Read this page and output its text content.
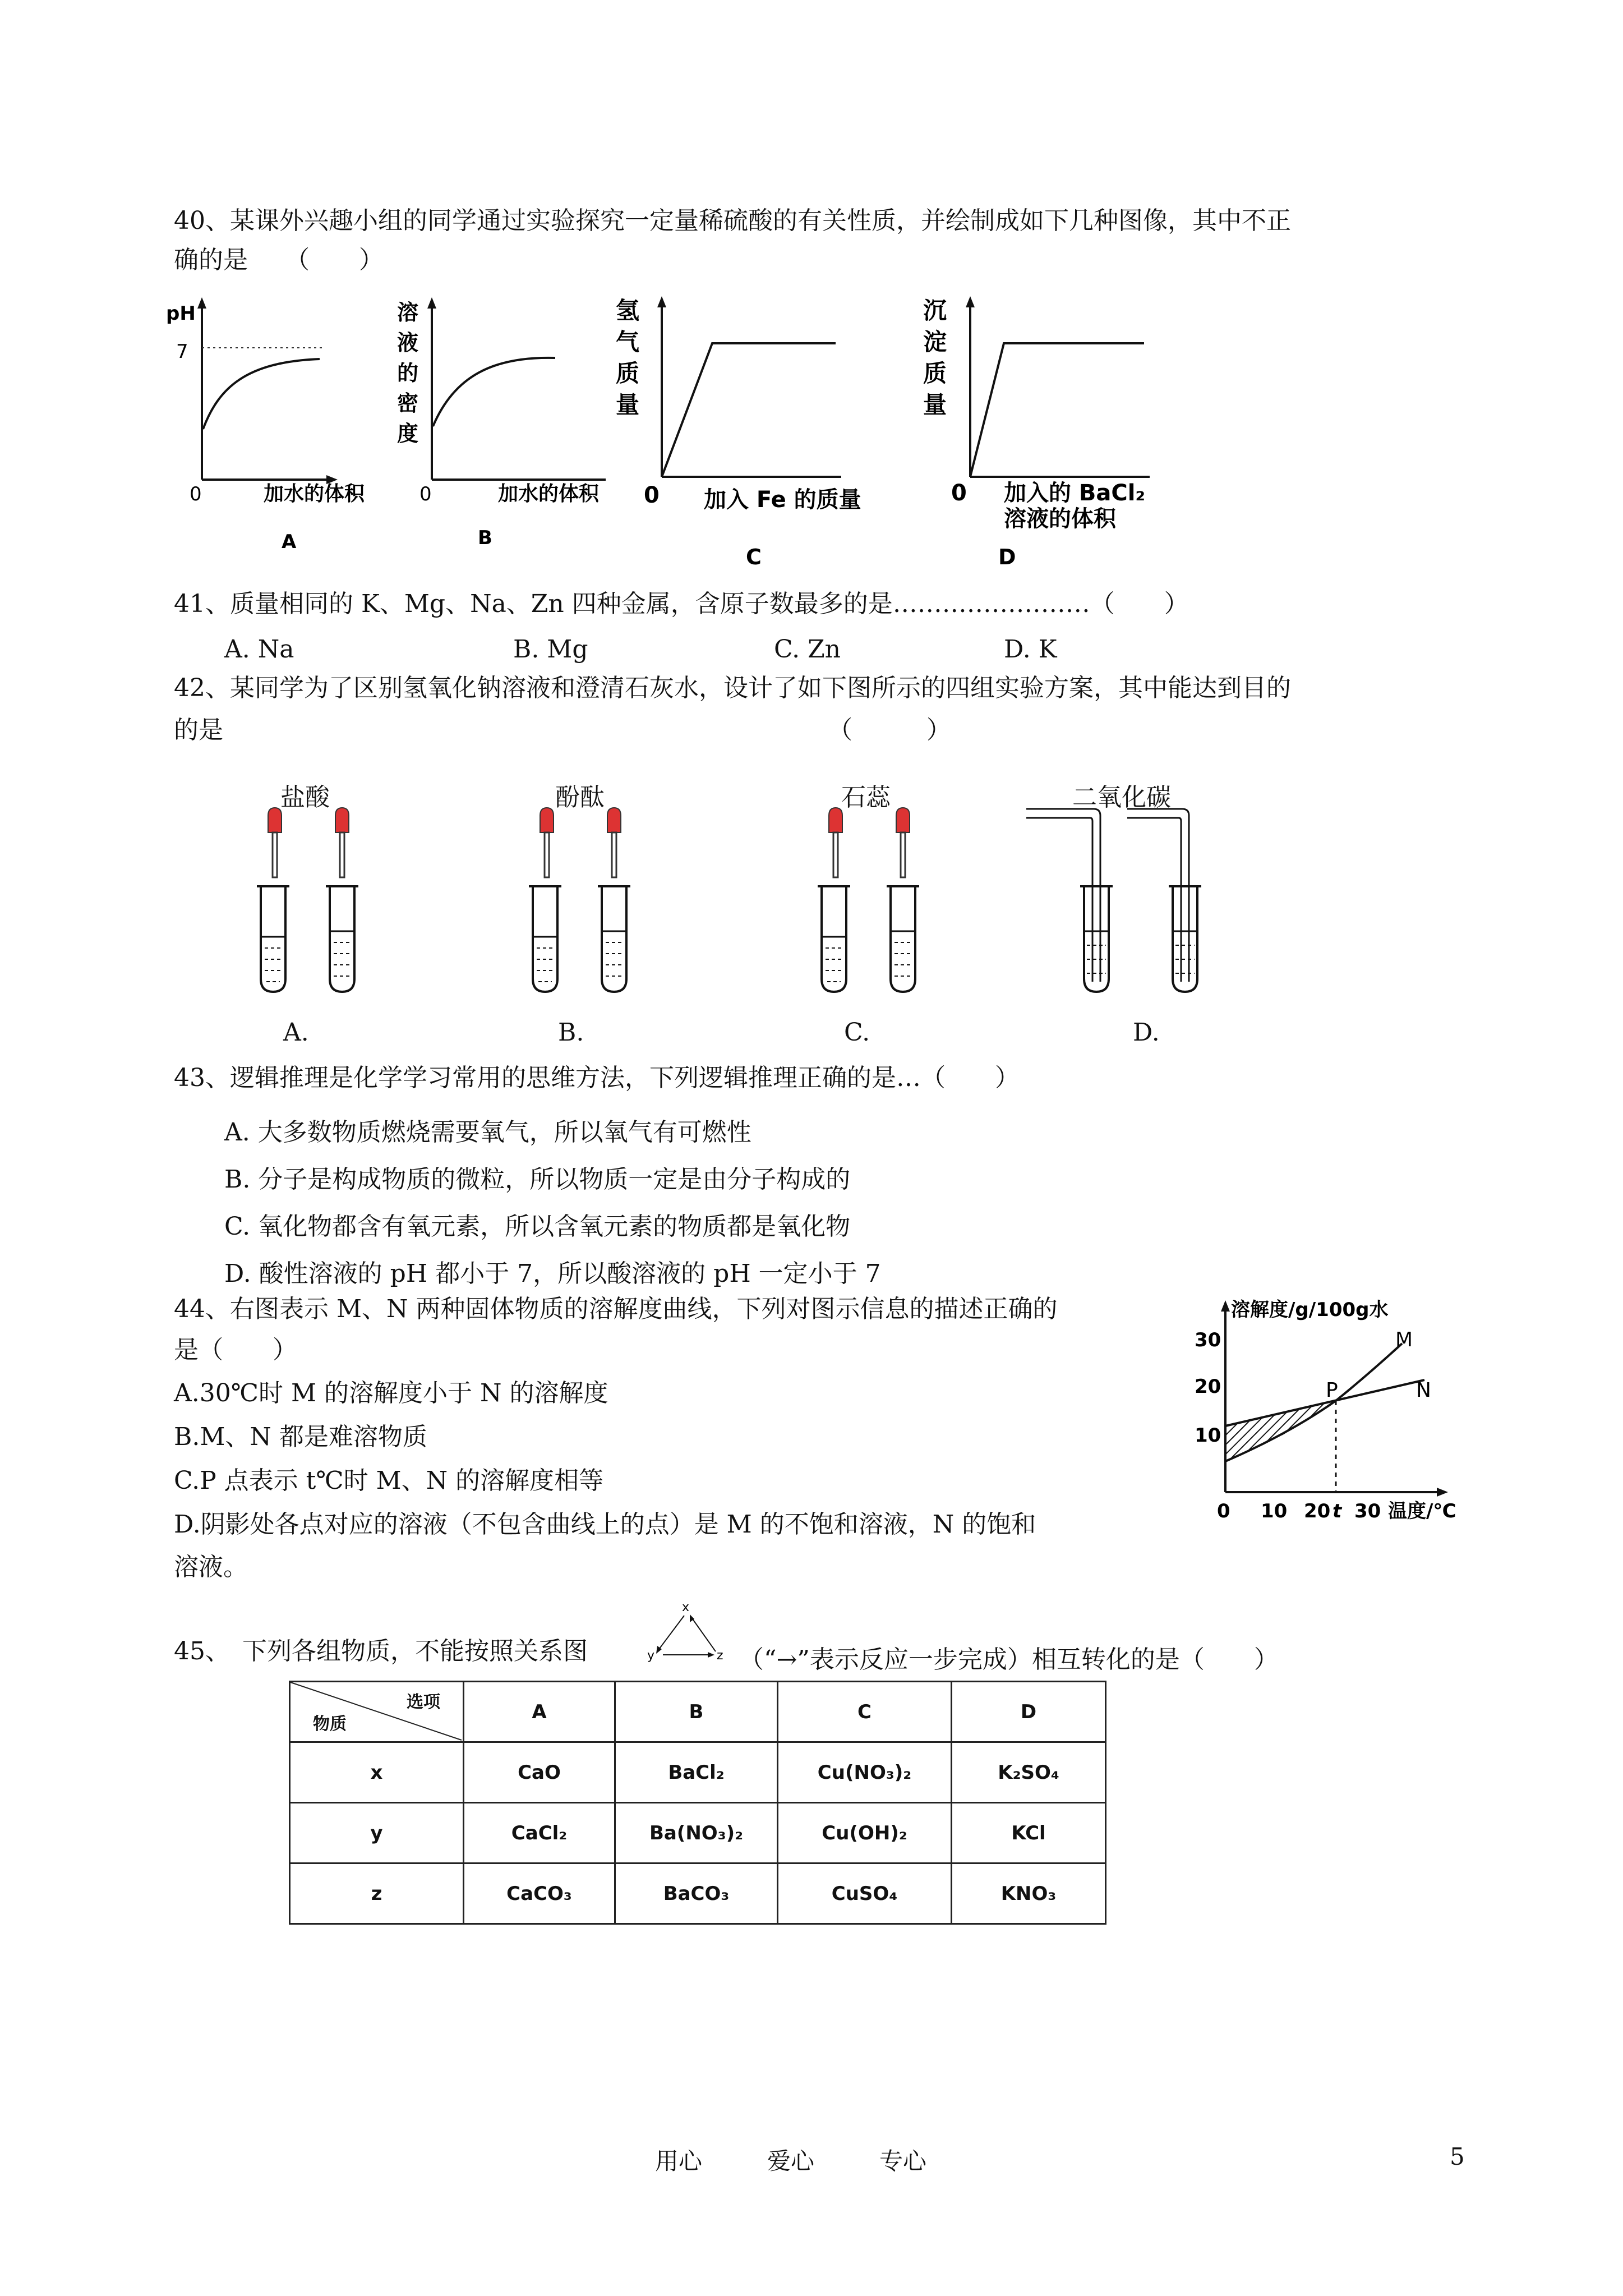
40、某课外兴趣小组的同学通过实验探究一定量稀硫酸的有关性质，并绘制成如下几种图像，其中不正
确的是　　（　　）
pH
7
0	加水的体积
A
溶 液 的 密 度
0	加水的体积
B
氢 气 质 量
0 加入 Fe 的质量
C
沉 淀 质 量
0 加入的 BaCl₂
溶液的体积
D
41、质量相同的 K、Mg、Na、Zn 四种金属，含原子数最多的是……………………（　　）
A. Na	B. Mg	C. Zn	D. K
42、某同学为了区别氢氧化钠溶液和澄清石灰水，设计了如下图所示的四组实验方案，其中能达到目的
的是　　　　　　　　　　　　　　　　　　　　　　　　　（　　　）
盐酸	酚酞	石蕊	二氧化碳
A.	B.	C.	D.
43、逻辑推理是化学学习常用的思维方法，下列逻辑推理正确的是…（　　）
A. 大多数物质燃烧需要氧气，所以氧气有可燃性
B. 分子是构成物质的微粒，所以物质一定是由分子构成的
C. 氧化物都含有氧元素，所以含氧元素的物质都是氧化物
D. 酸性溶液的 pH 都小于 7，所以酸溶液的 pH 一定小于 7
44、右图表示 M、N 两种固体物质的溶解度曲线，下列对图示信息的描述正确的
是（　　）
A.30℃时 M 的溶解度小于 N 的溶解度
B.M、N 都是难溶物质
C.P 点表示 t℃时 M、N 的溶解度相等
D.阴影处各点对应的溶液（不包含曲线上的点）是 M 的不饱和溶液，N 的饱和
溶液。
溶解度/g/100g水
30
20
10
0 10 20 t 30 温度/℃
M
N
P
45、　下列各组物质，不能按照关系图
x
y	z （“→”表示反应一步完成）相互转化的是（　　）
选项
物质	A	B	C	D
x	CaO	BaCl₂	Cu(NO₃)₂	K₂SO₄
y	CaCl₂	Ba(NO₃)₂	Cu(OH)₂	KCl
z	CaCO₃	BaCO₃	CuSO₄	KNO₃
用心	爱心	专心	5
